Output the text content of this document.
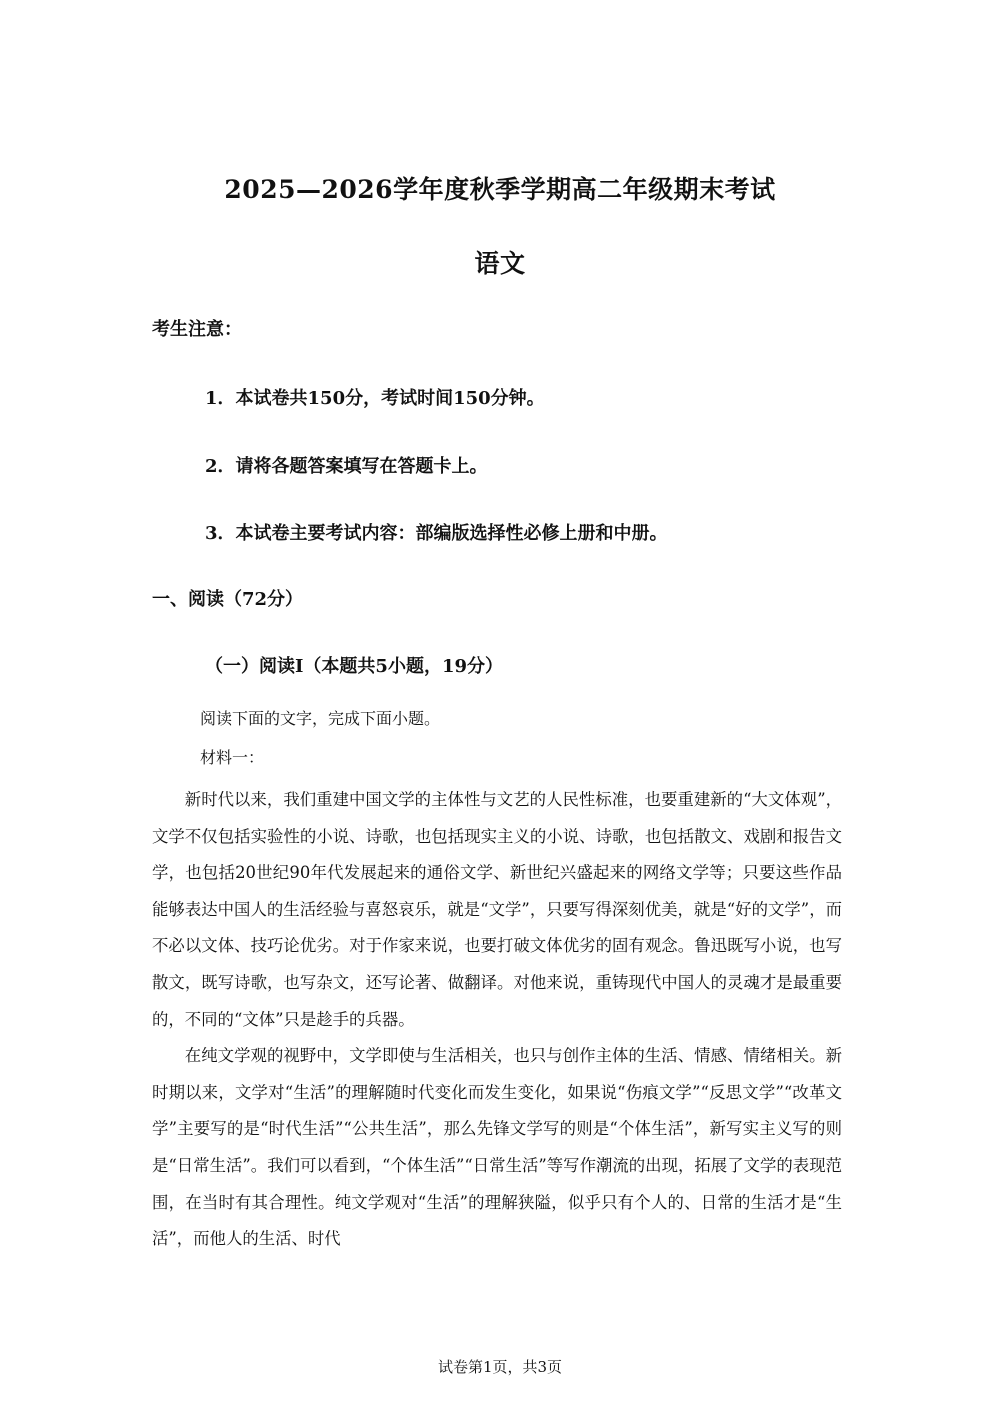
2025—2026学年度秋季学期高二年级期末考试
语文
考生注意：
1．本试卷共150分，考试时间150分钟。
2．请将各题答案填写在答题卡上。
3．本试卷主要考试内容：部编版选择性必修上册和中册。
一、阅读（72分）
（一）阅读I（本题共5小题，19分）
阅读下面的文字，完成下面小题。
材料一：

新时代以来，我们重建中国文学的主体性与文艺的人民性标准，也要重建新的“大文体观”，文学不仅包括实验性的小说、诗歌，也包括现实主义的小说、诗歌，也包括散文、戏剧和报告文学，也包括20世纪90年代发展起来的通俗文学、新世纪兴盛起来的网络文学等；只要这些作品能够表达中国人的生活经验与喜怒哀乐，就是“文学”，只要写得深刻优美，就是“好的文学”，而不必以文体、技巧论优劣。对于作家来说，也要打破文体优劣的固有观念。鲁迅既写小说，也写散文，既写诗歌，也写杂文，还写论著、做翻译。对他来说，重铸现代中国人的灵魂才是最重要的，不同的“文体”只是趁手的兵器。

在纯文学观的视野中，文学即使与生活相关，也只与创作主体的生活、情感、情绪相关。新时期以来，文学对“生活”的理解随时代变化而发生变化，如果说“伤痕文学”“反思文学”“改革文学”主要写的是“时代生活”“公共生活”，那么先锋文学写的则是“个体生活”，新写实主义写的则是“日常生活”。我们可以看到，“个体生活”“日常生活”等写作潮流的出现，拓展了文学的表现范围，在当时有其合理性。纯文学观对“生活”的理解狭隘，似乎只有个人的、日常的生活才是“生活”，而他人的生活、时代

试卷第1页，共3页
